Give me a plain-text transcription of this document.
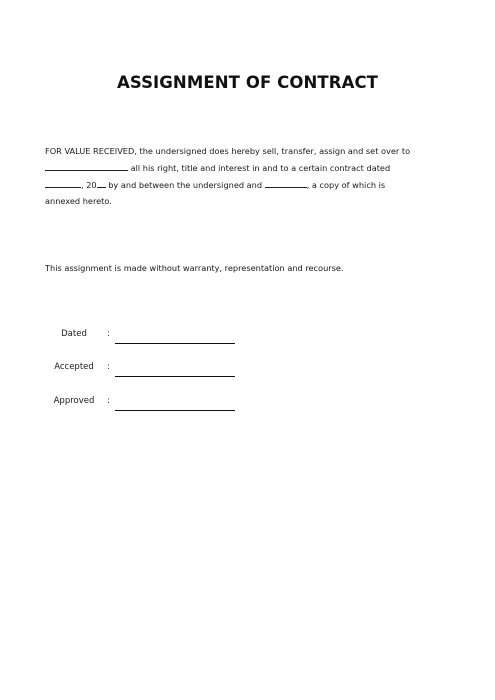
ASSIGNMENT OF CONTRACT
FOR VALUE RECEIVED, the undersigned does hereby sell, transfer, assign and set over to
all his right, title and interest in and to a certain contract dated
, 20 by and between the undersigned and	, a copy of which is
annexed hereto.
This assignment is made without warranty, representation and recourse.
Dated	:
Accepted	:
Approved	:
